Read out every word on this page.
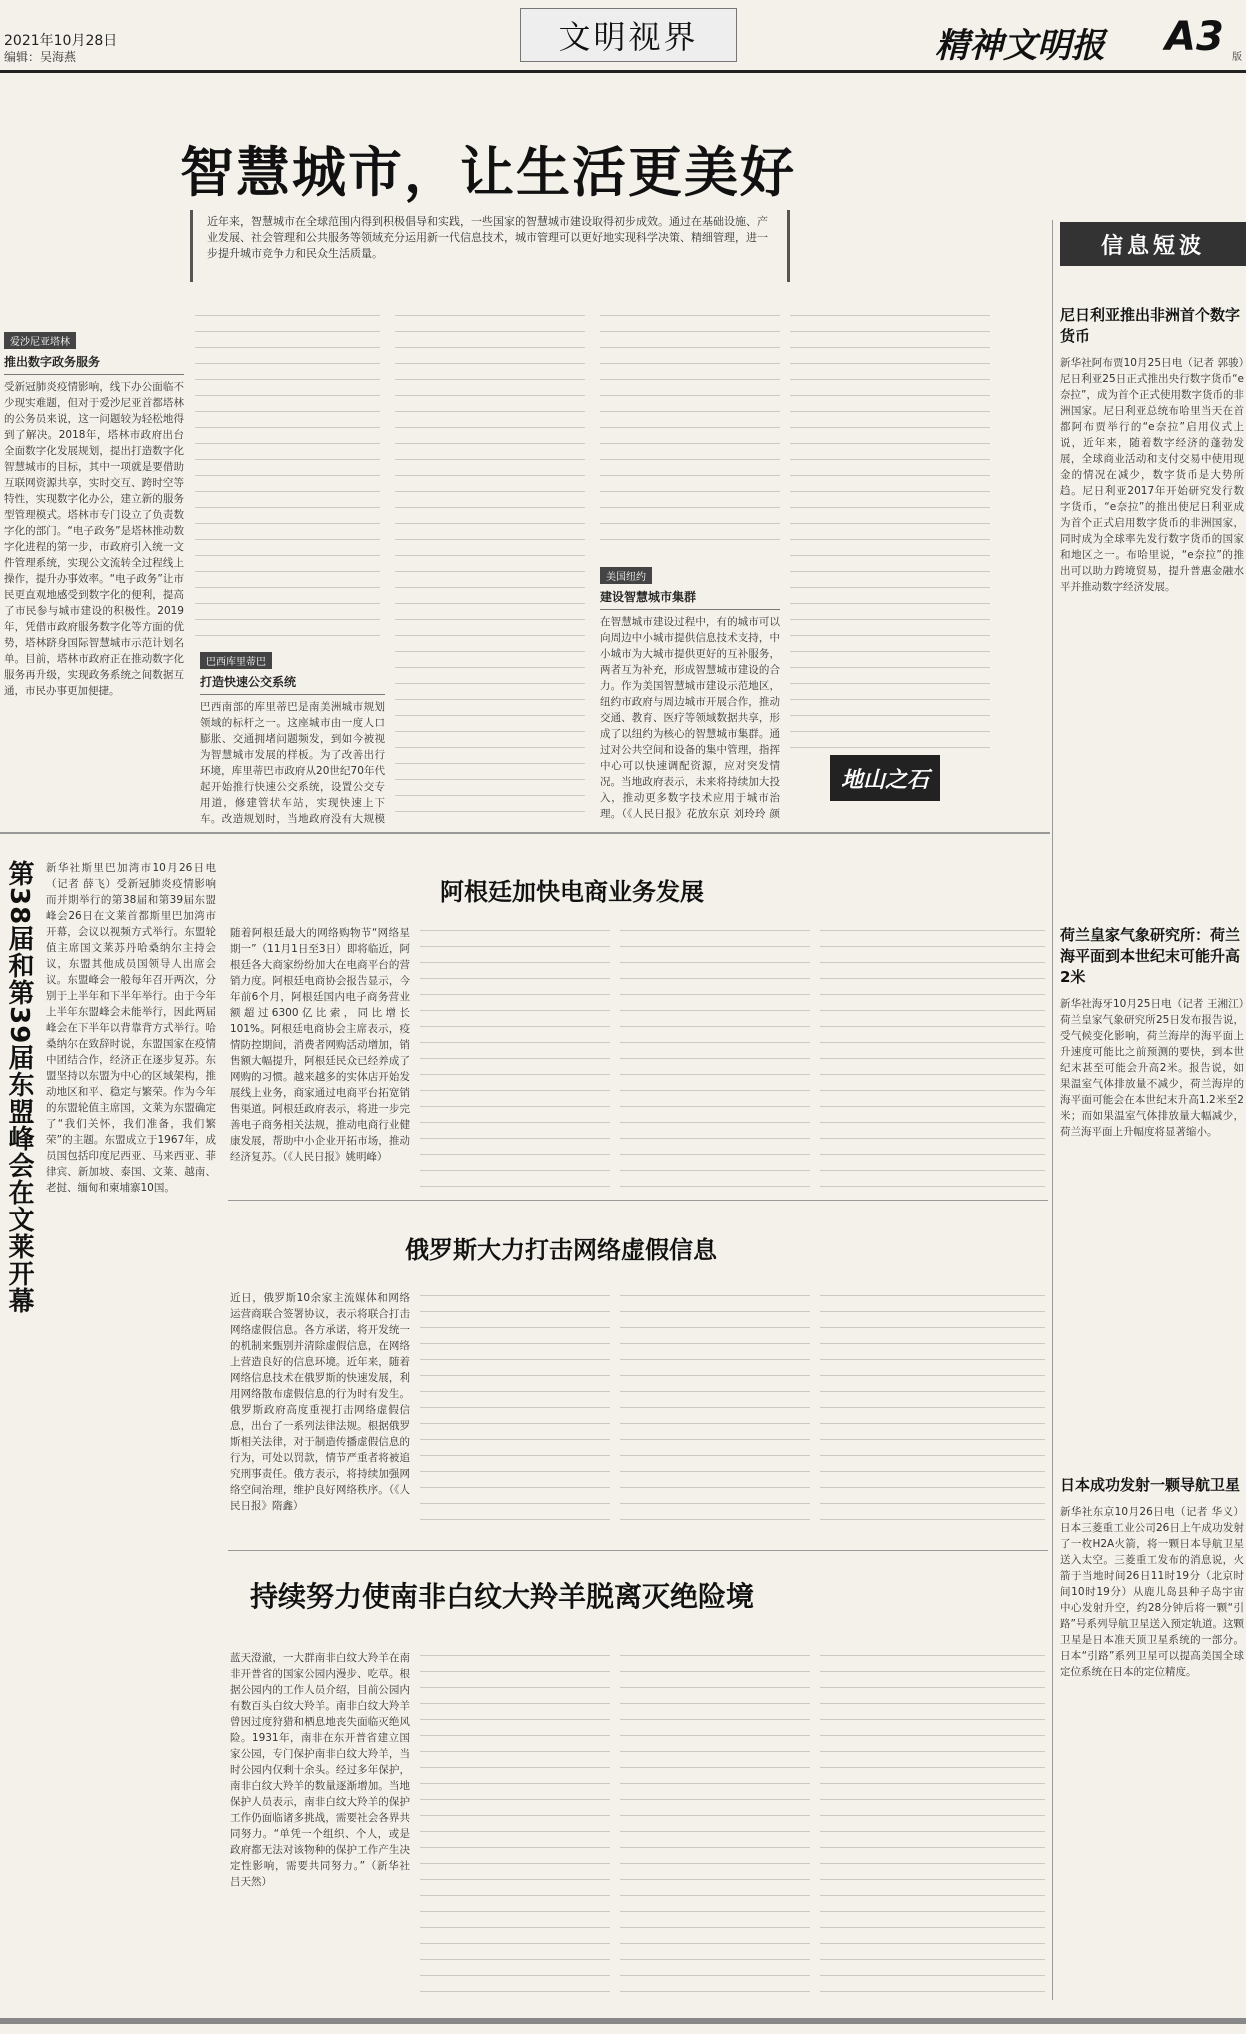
2021年10月28日
编辑：吴海燕
文明视界	精神文明报 A3 版
智慧城市，让生活更美好
近年来，智慧城市在全球范围内得到积极倡导和实践，一些国家的智慧城市建设取得初步成效。通过在基础设施、产业发展、社会管理和公共服务等领域充分运用新一代信息技术，城市管理可以更好地实现科学决策、精细管理，进一步提升城市竞争力和民众生活质量。
爱沙尼亚塔林
推出数字政务服务
受新冠肺炎疫情影响，线下办公面临不少现实难题，但对于爱沙尼亚首都塔林的公务员来说，这一问题较为轻松地得到了解决。2018年，塔林市政府出台全面数字化发展规划，提出打造数字化智慧城市的目标，其中一项就是要借助互联网资源共享，实时交互、跨时空等特性，实现数字化办公，建立新的服务型管理模式。塔林市专门设立了负责数字化的部门。“电子政务”是塔林推动数字化进程的第一步，市政府引入统一文件管理系统，实现公文流转全过程线上操作，提升办事效率。“电子政务”让市民更直观地感受到数字化的便利，提高了市民参与城市建设的积极性。2019年，凭借市政府服务数字化等方面的优势，塔林跻身国际智慧城市示范计划名单。目前，塔林市政府正在推动数字化服务再升级，实现政务系统之间数据互通，市民办事更加便捷。
巴西库里蒂巴
打造快速公交系统
巴西南部的库里蒂巴是南美洲城市规划领域的标杆之一。这座城市由一度人口膨胀、交通拥堵问题频发，到如今被视为智慧城市发展的样板。为了改善出行环境，库里蒂巴市政府从20世纪70年代起开始推行快速公交系统，设置公交专用道，修建管状车站，实现快速上下车。改造规划时，当地政府没有大规模
美国纽约
建设智慧城市集群
在智慧城市建设过程中，有的城市可以向周边中小城市提供信息技术支持，中小城市为大城市提供更好的互补服务，两者互为补充，形成智慧城市建设的合力。作为美国智慧城市建设示范地区，纽约市政府与周边城市开展合作，推动交通、教育、医疗等领域数据共享，形成了以纽约为核心的智慧城市集群。通过对公共空间和设备的集中管理，指挥中心可以快速调配资源，应对突发情况。当地政府表示，未来将持续加大投入，推动更多数字技术应用于城市治理。（《人民日报》花放东京 刘玲玲 颜
地山之石
信息短波
尼日利亚推出非洲首个数字货币
新华社阿布贾10月25日电（记者 郭骏）尼日利亚25日正式推出央行数字货币“e奈拉”，成为首个正式使用数字货币的非洲国家。尼日利亚总统布哈里当天在首都阿布贾举行的“e奈拉”启用仪式上说，近年来，随着数字经济的蓬勃发展，全球商业活动和支付交易中使用现金的情况在减少，数字货币是大势所趋。尼日利亚2017年开始研究发行数字货币，“e奈拉”的推出使尼日利亚成为首个正式启用数字货币的非洲国家，同时成为全球率先发行数字货币的国家和地区之一。布哈里说，“e奈拉”的推出可以助力跨境贸易，提升普惠金融水平并推动数字经济发展。
荷兰皇家气象研究所：荷兰海平面到本世纪末可能升高2米
新华社海牙10月25日电（记者 王湘江）荷兰皇家气象研究所25日发布报告说，受气候变化影响，荷兰海岸的海平面上升速度可能比之前预测的要快，到本世纪末甚至可能会升高2米。报告说，如果温室气体排放量不减少，荷兰海岸的海平面可能会在本世纪末升高1.2米至2米；而如果温室气体排放量大幅减少，荷兰海平面上升幅度将显著缩小。
日本成功发射一颗导航卫星
新华社东京10月26日电（记者 华义）日本三菱重工业公司26日上午成功发射了一枚H2A火箭，将一颗日本导航卫星送入太空。三菱重工发布的消息说，火箭于当地时间26日11时19分（北京时间10时19分）从鹿儿岛县种子岛宇宙中心发射升空，约28分钟后将一颗“引路”号系列导航卫星送入预定轨道。这颗卫星是日本准天顶卫星系统的一部分。日本“引路”系列卫星可以提高美国全球定位系统在日本的定位精度。
第38届和第39届东盟峰会在文莱开幕	新华社斯里巴加湾市10月26日电（记者 薛飞）受新冠肺炎疫情影响而并期举行的第38届和第39届东盟峰会26日在文莱首都斯里巴加湾市开幕，会议以视频方式举行。东盟轮值主席国文莱苏丹哈桑纳尔主持会议，东盟其他成员国领导人出席会议。东盟峰会一般每年召开两次，分别于上半年和下半年举行。由于今年上半年东盟峰会未能举行，因此两届峰会在下半年以背靠背方式举行。哈桑纳尔在致辞时说，东盟国家在疫情中团结合作，经济正在逐步复苏。东盟坚持以东盟为中心的区域架构，推动地区和平、稳定与繁荣。作为今年的东盟轮值主席国，文莱为东盟确定了“我们关怀，我们准备，我们繁荣”的主题。东盟成立于1967年，成员国包括印度尼西亚、马来西亚、菲律宾、新加坡、泰国、文莱、越南、老挝、缅甸和柬埔寨10国。
阿根廷加快电商业务发展
随着阿根廷最大的网络购物节“网络星期一”（11月1日至3日）即将临近，阿根廷各大商家纷纷加大在电商平台的营销力度。阿根廷电商协会报告显示，今年前6个月，阿根廷国内电子商务营业额超过6300亿比索，同比增长101%。阿根廷电商协会主席表示，疫情防控期间，消费者网购活动增加，销售额大幅提升，阿根廷民众已经养成了网购的习惯。越来越多的实体店开始发展线上业务，商家通过电商平台拓宽销售渠道。阿根廷政府表示，将进一步完善电子商务相关法规，推动电商行业健康发展，帮助中小企业开拓市场，推动经济复苏。（《人民日报》姚明峰）
俄罗斯大力打击网络虚假信息
近日，俄罗斯10余家主流媒体和网络运营商联合签署协议，表示将联合打击网络虚假信息。各方承诺，将开发统一的机制来甄别并清除虚假信息，在网络上营造良好的信息环境。近年来，随着网络信息技术在俄罗斯的快速发展，利用网络散布虚假信息的行为时有发生。俄罗斯政府高度重视打击网络虚假信息，出台了一系列法律法规。根据俄罗斯相关法律，对于制造传播虚假信息的行为，可处以罚款，情节严重者将被追究刑事责任。俄方表示，将持续加强网络空间治理，维护良好网络秩序。（《人民日报》隋鑫）
持续努力使南非白纹大羚羊脱离灭绝险境
蓝天澄澈，一大群南非白纹大羚羊在南非开普省的国家公园内漫步、吃草。根据公园内的工作人员介绍，目前公园内有数百头白纹大羚羊。南非白纹大羚羊曾因过度狩猎和栖息地丧失面临灭绝风险。1931年，南非在东开普省建立国家公园，专门保护南非白纹大羚羊，当时公园内仅剩十余头。经过多年保护，南非白纹大羚羊的数量逐渐增加。当地保护人员表示，南非白纹大羚羊的保护工作仍面临诸多挑战，需要社会各界共同努力。“单凭一个组织、个人，或是政府都无法对该物种的保护工作产生决定性影响，需要共同努力。”（新华社 吕天然）
